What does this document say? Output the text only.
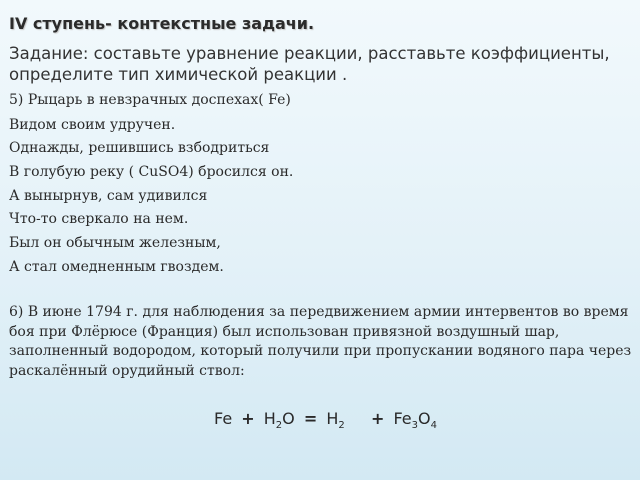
IV ступень- контекстные задачи.
Задание: составьте уравнение реакции, расставьте коэффициенты, определите тип химической реакции .
5) Рыцарь в невзрачных доспехах( Fe)
Видом своим удручен.
Однажды, решившись взбодриться
В голубую реку ( CuSO4) бросился он.
А вынырнув, сам удивился
Что-то сверкало на нем.
Был он обычным железным,
А стал омедненным гвоздем.
6) В июне 1794 г. для наблюдения за передвижением армии интервентов во время боя при Флёрюсе (Франция) был использован привязной воздушный шар, заполненный водородом, который получили при пропускании водяного пара через раскалённый орудийный ствол:
$Fe + H_2O = H_2 + Fe_3O_4$
